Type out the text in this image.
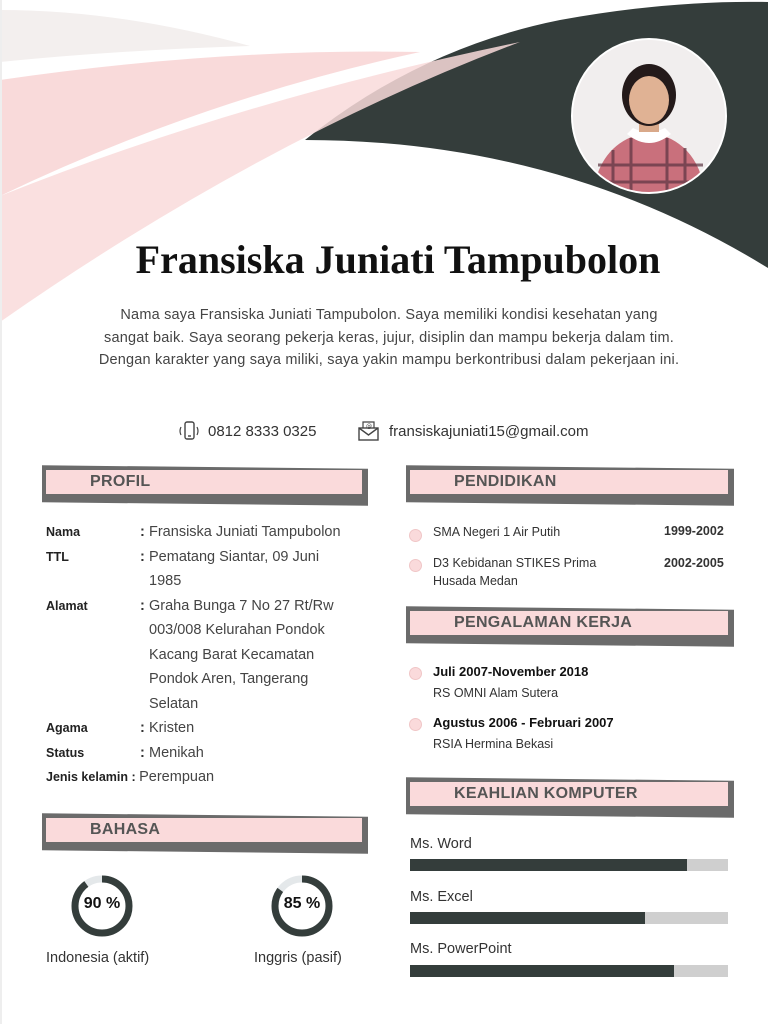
Fransiska Juniati Tampubolon
Nama saya Fransiska Juniati Tampubolon. Saya memiliki kondisi kesehatan yang sangat baik. Saya seorang pekerja keras, jujur, disiplin dan mampu bekerja dalam tim. Dengan karakter yang saya miliki, saya yakin mampu berkontribusi dalam pekerjaan ini.
0812 8333 0325	@ fransiskajuniati15@gmail.com
PROFIL
Nama	: Fransiska Juniati Tampubolon
TTL	: Pematang Siantar, 09 Juni
1985
Alamat	: Graha Bunga 7 No 27 Rt/Rw
003/008 Kelurahan Pondok
Kacang Barat Kecamatan
Pondok Aren, Tangerang
Selatan
Agama	: Kristen
Status	: Menikah
Jenis kelamin : Perempuan
BAHASA
90 %
Indonesia (aktif)
85 %
Inggris (pasif)
PENDIDIKAN
SMA Negeri 1 Air Putih	1999-2002
D3 Kebidanan STIKES Prima
Husada Medan
2002-2005
PENGALAMAN KERJA
Juli 2007-November 2018
RS OMNI Alam Sutera
Agustus 2006 - Februari 2007
RSIA Hermina Bekasi
KEAHLIAN KOMPUTER
Ms. Word
Ms. Excel
Ms. PowerPoint
